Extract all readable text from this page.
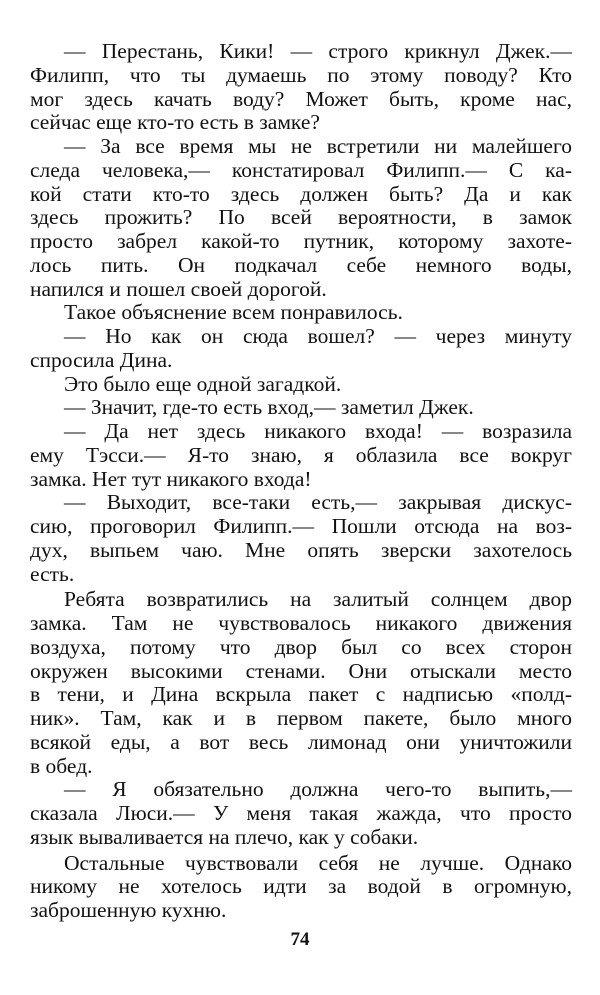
— Перестань, Кики! — строго крикнул Джек.—
Филипп, что ты думаешь по этому поводу? Кто
мог здесь качать воду? Может быть, кроме нас,
сейчас еще кто-то есть в замке?
— За все время мы не встретили ни малейшего
следа человека,— констатировал Филипп.— С ка-
кой стати кто-то здесь должен быть? Да и как
здесь прожить? По всей вероятности, в замок
просто забрел какой-то путник, которому захоте-
лось пить. Он подкачал себе немного воды,
напился и пошел своей дорогой.
Такое объяснение всем понравилось.
— Но как он сюда вошел? — через минуту
спросила Дина.
Это было еще одной загадкой.
— Значит, где-то есть вход,— заметил Джек.
— Да нет здесь никакого входа! — возразила
ему Тэсси.— Я-то знаю, я облазила все вокруг
замка. Нет тут никакого входа!
— Выходит, все-таки есть,— закрывая дискус-
сию, проговорил Филипп.— Пошли отсюда на воз-
дух, выпьем чаю. Мне опять зверски захотелось
есть.
Ребята возвратились на залитый солнцем двор
замка. Там не чувствовалось никакого движения
воздуха, потому что двор был со всех сторон
окружен высокими стенами. Они отыскали место
в тени, и Дина вскрыла пакет с надписью «полд-
ник». Там, как и в первом пакете, было много
всякой еды, а вот весь лимонад они уничтожили
в обед.
— Я обязательно должна чего-то выпить,—
сказала Люси.— У меня такая жажда, что просто
язык вываливается на плечо, как у собаки.
Остальные чувствовали себя не лучше. Однако
никому не хотелось идти за водой в огромную,
заброшенную кухню.
74
